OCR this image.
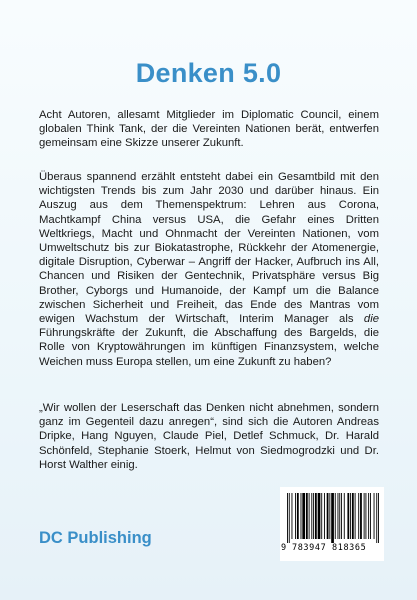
Denken 5.0

Acht Autoren, allesamt Mitglieder im Diplomatic Council, einem globalen Think Tank, der die Vereinten Nationen berät, entwerfen gemeinsam eine Skizze unserer Zukunft.

Überaus spannend erzählt entsteht dabei ein Gesamtbild mit den wichtigsten Trends bis zum Jahr 2030 und darüber hinaus. Ein Auszug aus dem Themenspektrum: Lehren aus Corona, Machtkampf China versus USA, die Gefahr eines Dritten Weltkriegs, Macht und Ohnmacht der Vereinten Nationen, vom Umweltschutz bis zur Biokatastrophe, Rückkehr der Atomenergie, digitale Disruption, Cyberwar – Angriff der Hacker, Aufbruch ins All, Chancen und Risiken der Gentechnik, Privatsphäre versus Big Brother, Cyborgs und Humanoide, der Kampf um die Balance zwischen Sicherheit und Freiheit, das Ende des Mantras vom ewigen Wachstum der Wirtschaft, Interim Manager als die Führungskräfte der Zukunft, die Abschaffung des Bargelds, die Rolle von Kryptowährungen im künftigen Finanzsystem, welche Weichen muss Europa stellen, um eine Zukunft zu haben?

„Wir wollen der Leserschaft das Denken nicht abnehmen, sondern ganz im Gegenteil dazu anregen“, sind sich die Autoren Andreas Dripke, Hang Nguyen, Claude Piel, Detlef Schmuck, Dr. Harald Schönfeld, Stephanie Stoerk, Helmut von Siedmogrodzki und Dr. Horst Walther einig.

DC Publishing
9 783947 818365
